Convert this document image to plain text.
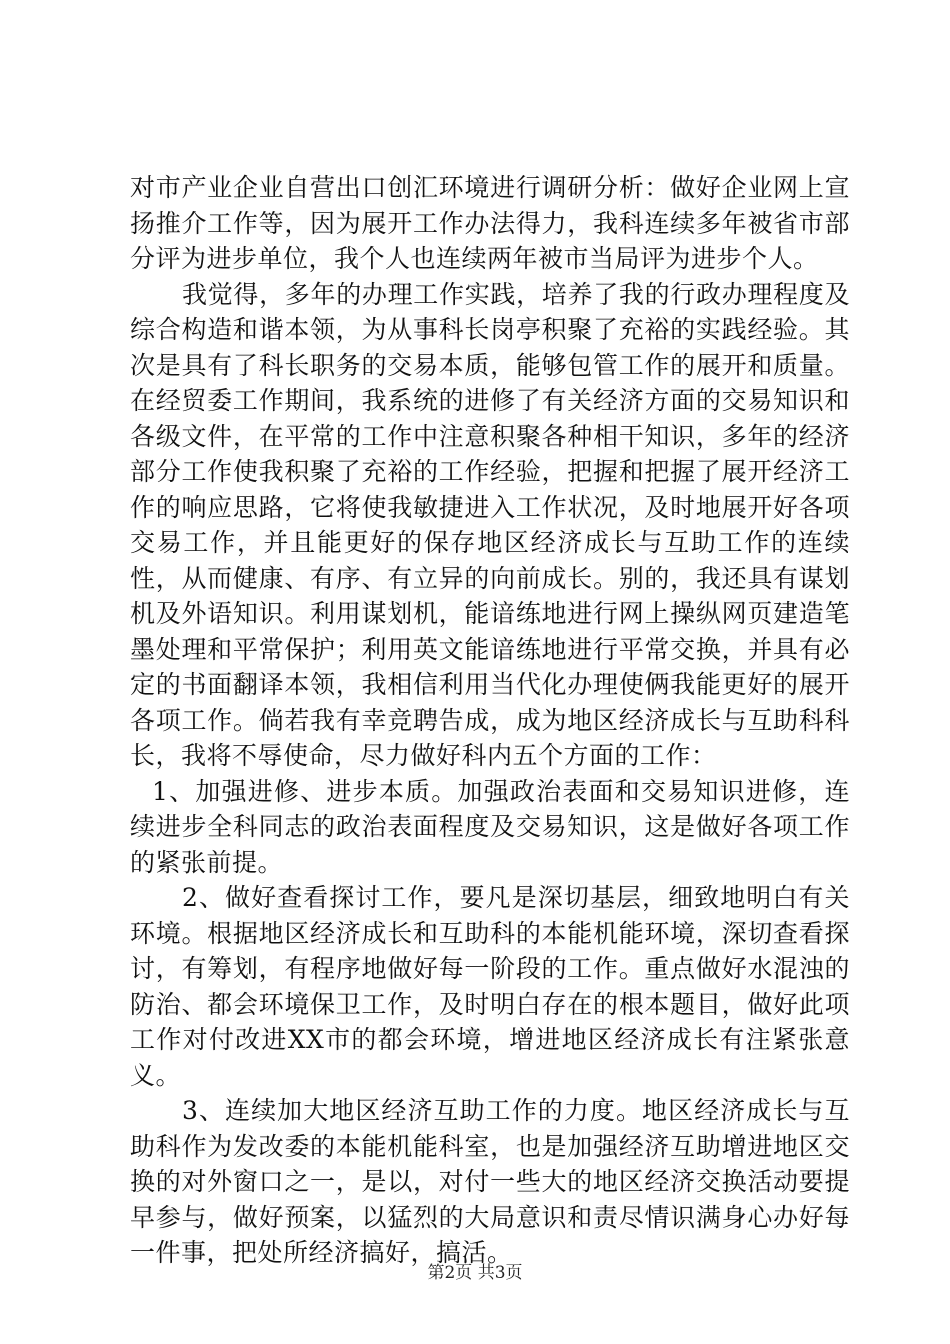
对市产业企业自营出口创汇环境进行调研分析：做好企业网上宣扬推介工作等，因为展开工作办法得力，我科连续多年被省市部分评为进步单位，我个人也连续两年被市当局评为进步个人。

我觉得，多年的办理工作实践，培养了我的行政办理程度及综合构造和谐本领，为从事科长岗亭积聚了充裕的实践经验。其次是具有了科长职务的交易本质，能够包管工作的展开和质量。在经贸委工作期间，我系统的进修了有关经济方面的交易知识和各级文件，在平常的工作中注意积聚各种相干知识，多年的经济部分工作使我积聚了充裕的工作经验，把握和把握了展开经济工作的响应思路，它将使我敏捷进入工作状况，及时地展开好各项交易工作，并且能更好的保存地区经济成长与互助工作的连续性，从而健康、有序、有立异的向前成长。别的，我还具有谋划机及外语知识。利用谋划机，能谙练地进行网上操纵网页建造笔墨处理和平常保护；利用英文能谙练地进行平常交换，并具有必定的书面翻译本领，我相信利用当代化办理使俩我能更好的展开各项工作。倘若我有幸竞聘告成，成为地区经济成长与互助科科长，我将不辱使命，尽力做好科内五个方面的工作：

1、加强进修、进步本质。加强政治表面和交易知识进修，连续进步全科同志的政治表面程度及交易知识，这是做好各项工作的紧张前提。

2、做好查看探讨工作，要凡是深切基层，细致地明白有关环境。根据地区经济成长和互助科的本能机能环境，深切查看探讨，有筹划，有程序地做好每一阶段的工作。重点做好水混浊的防治、都会环境保卫工作，及时明白存在的根本题目，做好此项工作对付改进XX市的都会环境，增进地区经济成长有注紧张意义。

3、连续加大地区经济互助工作的力度。地区经济成长与互助科作为发改委的本能机能科室，也是加强经济互助增进地区交换的对外窗口之一，是以，对付一些大的地区经济交换活动要提早参与，做好预案，以猛烈的大局意识和责尽情识满身心办好每一件事，把处所经济搞好，搞活。

第2页 共3页
